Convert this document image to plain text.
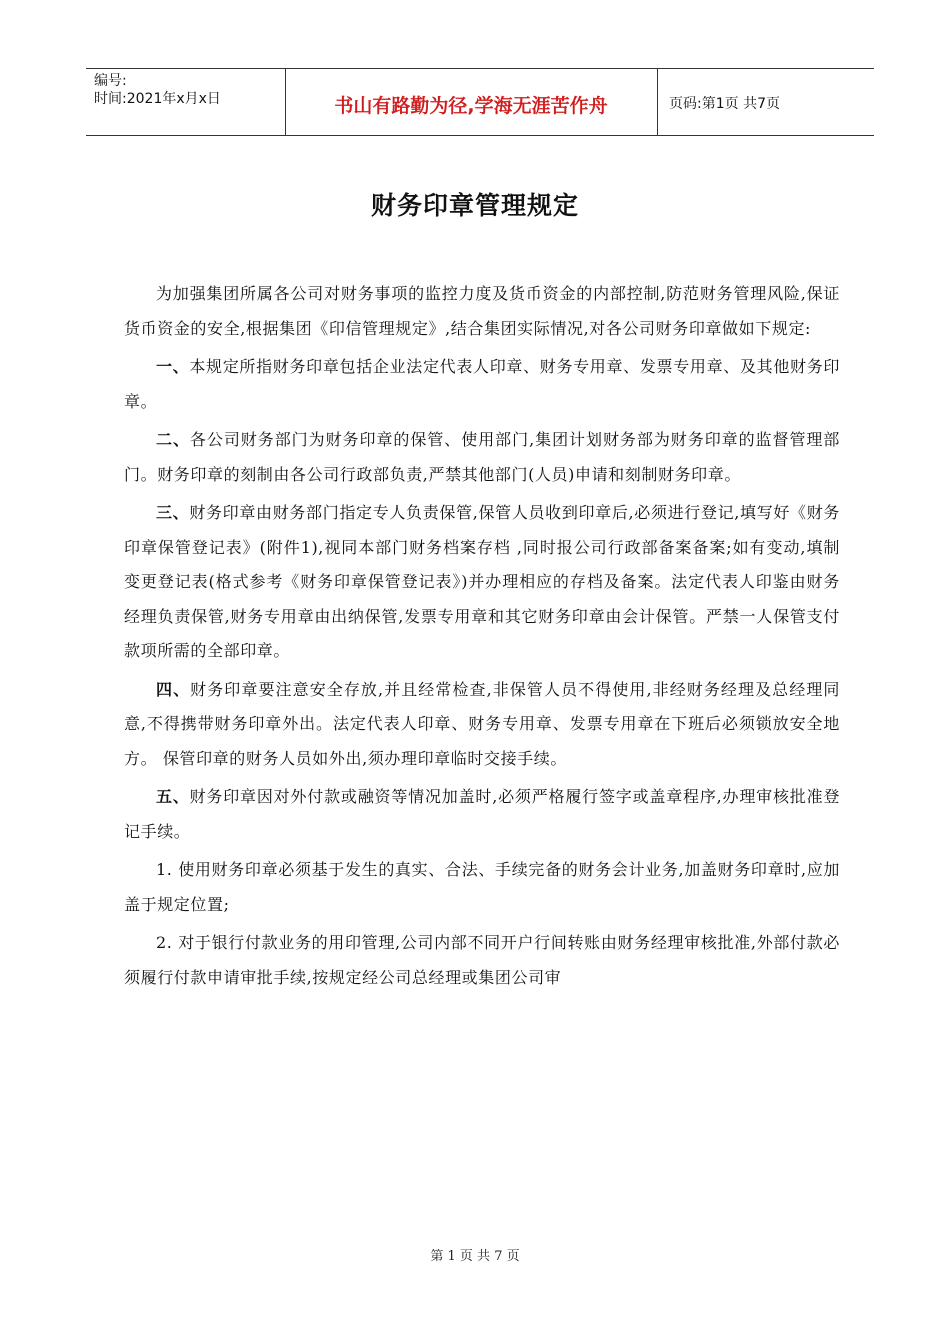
编号:
时间:2021年x月x日	书山有路勤为径,学海无涯苦作舟	页码:第1页 共7页
财务印章管理规定

为加强集团所属各公司对财务事项的监控力度及货币资金的内部控制,防范财务管理风险,保证货币资金的安全,根据集团《印信管理规定》,结合集团实际情况,对各公司财务印章做如下规定:

一、本规定所指财务印章包括企业法定代表人印章、财务专用章、发票专用章、及其他财务印章。

二、各公司财务部门为财务印章的保管、使用部门,集团计划财务部为财务印章的监督管理部门。财务印章的刻制由各公司行政部负责,严禁其他部门(人员)申请和刻制财务印章。

三、财务印章由财务部门指定专人负责保管,保管人员收到印章后,必须进行登记,填写好《财务印章保管登记表》(附件1),视同本部门财务档案存档 ,同时报公司行政部备案备案;如有变动,填制变更登记表(格式参考《财务印章保管登记表》)并办理相应的存档及备案。法定代表人印鉴由财务经理负责保管,财务专用章由出纳保管,发票专用章和其它财务印章由会计保管。严禁一人保管支付款项所需的全部印章。

四、财务印章要注意安全存放,并且经常检查,非保管人员不得使用,非经财务经理及总经理同意,不得携带财务印章外出。法定代表人印章、财务专用章、发票专用章在下班后必须锁放安全地方。 保管印章的财务人员如外出,须办理印章临时交接手续。

五、财务印章因对外付款或融资等情况加盖时,必须严格履行签字或盖章程序,办理审核批准登记手续。

1. 使用财务印章必须基于发生的真实、合法、手续完备的财务会计业务,加盖财务印章时,应加盖于规定位置;

2. 对于银行付款业务的用印管理,公司内部不同开户行间转账由财务经理审核批准,外部付款必须履行付款申请审批手续,按规定经公司总经理或集团公司审

第 1 页 共 7 页
